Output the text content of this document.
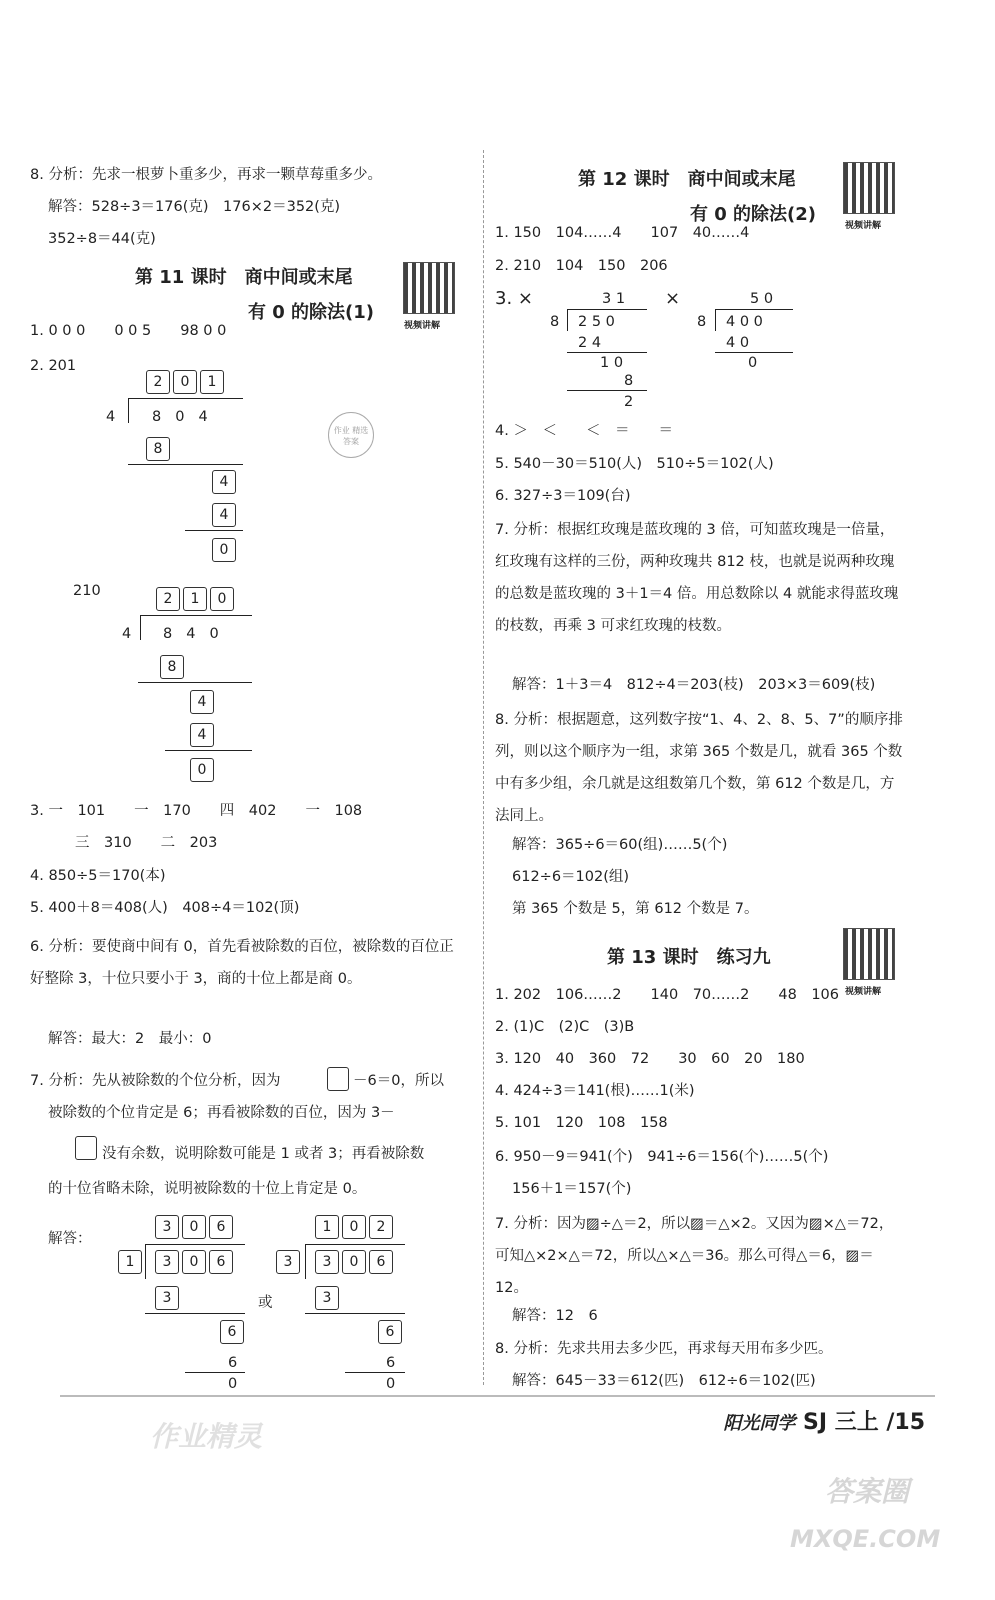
8. 分析：先求一根萝卜重多少，再求一颗草莓重多少。
解答：528÷3＝176(克)　176×2＝352(克)
352÷8＝44(克)
第 11 课时　商中间或末尾
有 0 的除法(1)
视频讲解
1. 0 0 0　　0 0 5　　98 0 0
2. 201
2 0 1
4	804
8
4
4
0
作业 精选 答案
210	2 1 0
4 840
8
4
4
0
3. 一　101　　一　170　　四　402　　一　108
三　310　　二　203
4. 850÷5＝170(本)
5. 400＋8＝408(人)　408÷4＝102(顶)
6. 分析：要使商中间有 0，首先看被除数的百位，被除数的百位正好整除 3，十位只要小于 3，商的十位上都是商 0。
解答：最大：2　最小：0
7. 分析：先从被除数的个位分析，因为	－6＝0，所以
被除数的个位肯定是 6；再看被除数的百位，因为 3－
没有余数，说明除数可能是 1 或者 3；再看被除数
的十位省略未除，说明被除数的十位上肯定是 0。
解答：
3 0 6
1	3 0 6
3
6
6
0
或
1 0 2
3	3 0 6
3
6
6
0
第 12 课时　商中间或末尾
有 0 的除法(2)
视频讲解
1. 150　104……4　　107　40……4
2. 210　104　150　206
3. ×	×
3 1
8 2 5 0
2 4
1 0
8
2
5 0
8 4 0 0
4 0
0
4. ＞　＜　　＜　＝　　＝
5. 540－30＝510(人)　510÷5＝102(人)
6. 327÷3＝109(台)
7. 分析：根据红玫瑰是蓝玫瑰的 3 倍，可知蓝玫瑰是一倍量，红玫瑰有这样的三份，两种玫瑰共 812 枝，也就是说两种玫瑰的总数是蓝玫瑰的 3＋1＝4 倍。用总数除以 4 就能求得蓝玫瑰的枝数，再乘 3 可求红玫瑰的枝数。
解答：1＋3＝4　812÷4＝203(枝)　203×3＝609(枝)
8. 分析：根据题意，这列数字按“1、4、2、8、5、7”的顺序排列，则以这个顺序为一组，求第 365 个数是几，就看 365 个数中有多少组，余几就是这组数第几个数，第 612 个数是几，方法同上。
解答：365÷6＝60(组)……5(个)
612÷6＝102(组)
第 365 个数是 5，第 612 个数是 7。
第 13 课时　练习九
视频讲解
1. 202　106……2　　140　70……2　　48　106
2. (1)C　(2)C　(3)B
3. 120　40　360　72　　30　60　20　180
4. 424÷3＝141(根)……1(米)
5. 101　120　108　158
6. 950－9＝941(个)　941÷6＝156(个)……5(个)
156＋1＝157(个)
7. 分析：因为▨÷△＝2，所以▨＝△×2。又因为▨×△＝72，可知△×2×△＝72，所以△×△＝36。那么可得△＝6，▨＝12。
解答：12　6
8. 分析：先求共用去多少匹，再求每天用布多少匹。
解答：645－33＝612(匹)　612÷6＝102(匹)
阳光同学 SJ 三上 /15
作业精灵
答案圈
MXQE.COM
